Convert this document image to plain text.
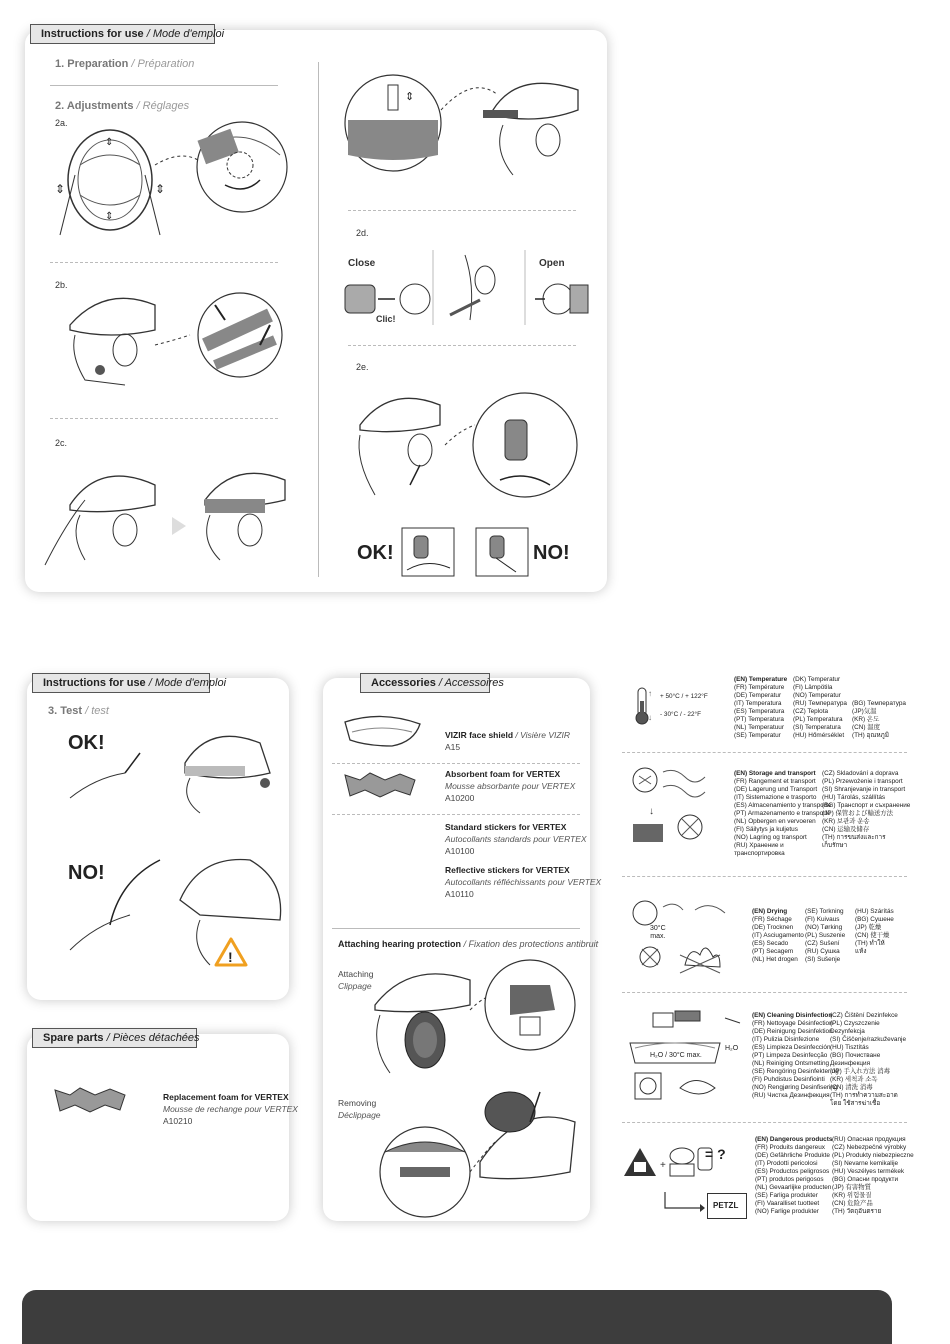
Instructions for use / Mode d'emploi
1. Preparation / Préparation
2. Adjustments / Réglages
2a.
⇕	⇕
⇕
⇕
2b.
2c.
⇕
2d.
Close	Open
Clic!
2e.
OK!	NO!
Instructions for use / Mode d'emploi
3. Test / test
OK!
NO!
!
Spare parts / Pièces détachées
Replacement foam for VERTEX
Mousse de rechange pour VERTEX
A10210
Accessories / Accessoires
VIZIR face shield / Visière VIZIR
A15
Absorbent foam for VERTEX
Mousse absorbante pour VERTEX
A10200
Standard stickers for VERTEX
Autocollants standards pour VERTEX
A10100
Reflective stickers for VERTEX
Autocollants réfléchissants pour VERTEX
A10110
Attaching hearing protection / Fixation des protections antibruit
Attaching
Clippage
Removing
Déclippage
↑
↓
+ 50°C / + 122°F
- 30°C / - 22°F
(EN) Temperature
(FR) Température
(DE) Temperatur
(IT) Temperatura
(ES) Temperatura
(PT) Temperatura
(NL) Temperatuur
(SE) Temperatur
(DK) Temperatur
(FI) Lämpötila
(NO) Temperatur
(RU) Температура
(CZ) Teplota
(PL) Temperatura
(SI) Temperatura
(HU) Hőmérséklet
(BG) Температура
(JP)気温
(KR) 온도
(CN) 温度
(TH) อุณหภูมิ
↓
(EN) Storage and transport
(FR) Rangement et transport
(DE) Lagerung und Transport
(IT) Sistemazione e trasporto
(ES) Almacenamiento y transporte
(PT) Armazenamento e transporte
(NL) Opbergen en vervoeren
(FI) Säilytys ja kuljetus
(NO) Lagring og transport
(RU) Хранение и
транспортировка
(CZ) Skladování a doprava
(PL) Przewożenie i transport
(SI) Shranjevanje in transport
(HU) Tárolás, szállítás
(BG) Транспорт и съхранение
(JP) 保管および輸送方法
(KR) 보관과 운송
(CN) 运输及储存
(TH) การขนส่งและการ
เก็บรักษา
30°C
max.
(EN) Drying
(FR) Séchage
(DE) Trocknen
(IT) Asciugamento
(ES) Secado
(PT) Secagem
(NL) Het drogen
(SE) Torkning
(FI) Kuivaus
(NO) Tørking
(PL) Suszenie
(CZ) Sušení
(RU) Сушка
(SI) Sušenje
(HU) Szárítás
(BG) Сушене
(JP) 乾燥
(CN) 使干燥
(TH) ทำให้
แห้ง
H₂O / 30°C max.
H₂O
(EN) Cleaning Disinfection
(FR) Nettoyage Désinfection
(DE) Reinigung Desinfektion
(IT) Pulizia Disinfezione
(ES) Limpieza Desinfección
(PT) Limpeza Desinfecção
(NL) Reiniging Ontsmetting
(SE) Rengöring Desinfektering
(FI) Puhdistus Desinfiointi
(NO) Rengjøring Desinfisering
(RU) Чистка Дезинфекция
(CZ) Čištění Dezinfekce
(PL) Czyszczenie
Dezynfekcja
(SI) Čiščenje/razkuževanje
(HU) Tisztítás
(BG) Почистване
Дезинфекция
(JP) 手入れ方法 消毒
(KR) 세척과 소독
(CN) 清洗 消毒
(TH) การทำความสะอาด
โดย ใช้สารฆ่าเชื้อ
+
= ?
PETZL
(EN) Dangerous products
(FR) Produits dangereux
(DE) Gefährliche Produkte
(IT) Prodotti pericolosi
(ES) Productos peligrosos
(PT) produtos perigosos
(NL) Gevaarlijke producten
(SE) Farliga produkter
(FI) Vaaralliset tuotteet
(NO) Farlige produkter
(RU) Опасная продукция
(CZ) Nebezpečné výrobky
(PL) Produkty niebezpieczne
(SI) Nevarne kemikalije
(HU) Veszélyes termékek
(BG) Опасни продукти
(JP) 有害物質
(KR) 위험물질
(CN) 危险产品
(TH) วัตถุอันตราย
